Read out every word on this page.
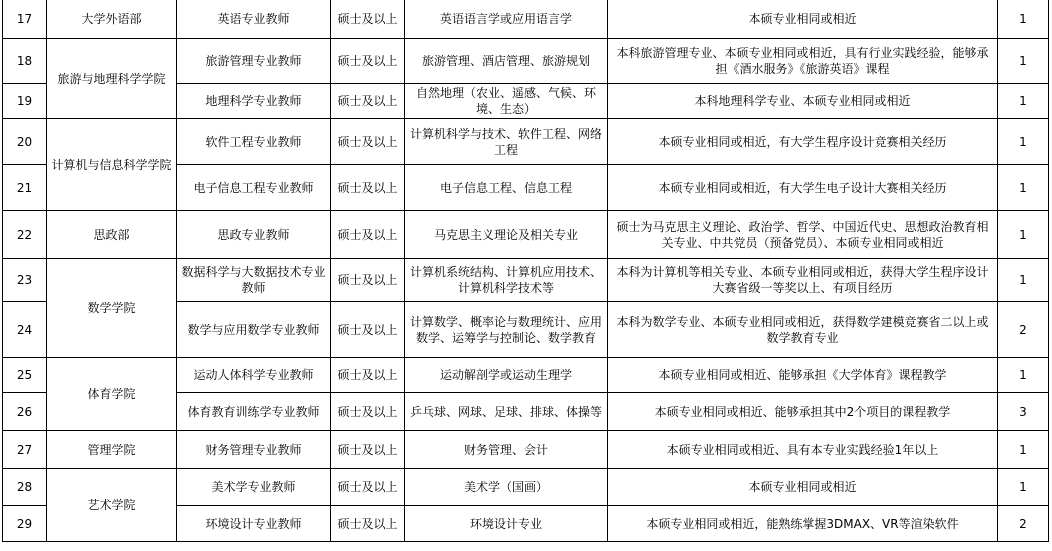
17	大学外语部	英语专业教师	硕士及以上	英语语言学或应用语言学	本硕专业相同或相近	1
18	旅游与地理科学学院	旅游管理专业教师	硕士及以上	旅游管理、酒店管理、旅游规划	本科旅游管理专业、本硕专业相同或相近，具有行业实践经验，能够承担《酒水服务》《旅游英语》课程	1
19		地理科学专业教师	硕士及以上	自然地理（农业、遥感、气候、环境、生态）	本科地理科学专业、本硕专业相同或相近	1
20	计算机与信息科学学院	软件工程专业教师	硕士及以上	计算机科学与技术、软件工程、网络工程	本硕专业相同或相近，有大学生程序设计竞赛相关经历	1
21		电子信息工程专业教师	硕士及以上	电子信息工程、信息工程	本硕专业相同或相近，有大学生电子设计大赛相关经历	1
22	思政部	思政专业教师	硕士及以上	马克思主义理论及相关专业	硕士为马克思主义理论、政治学、哲学、中国近代史、思想政治教育相关专业、中共党员（预备党员）、本硕专业相同或相近	1
23	数学学院	数据科学与大数据技术专业教师	硕士及以上	计算机系统结构、计算机应用技术、计算机科学技术等	本科为计算机等相关专业、本硕专业相同或相近，获得大学生程序设计大赛省级一等奖以上、有项目经历	1
24		数学与应用数学专业教师	硕士及以上	计算数学、概率论与数理统计、应用数学、运筹学与控制论、数学教育	本科为数学专业、本硕专业相同或相近，获得数学建模竞赛省二以上或数学教育专业	2
25	体育学院	运动人体科学专业教师	硕士及以上	运动解剖学或运动生理学	本硕专业相同或相近、能够承担《大学体育》课程教学	1
26		体育教育训练学专业教师	硕士及以上	乒乓球、网球、足球、排球、体操等	本硕专业相同或相近、能够承担其中2个项目的课程教学	3
27	管理学院	财务管理专业教师	硕士及以上	财务管理、会计	本硕专业相同或相近、具有本专业实践经验1年以上	1
28	艺术学院	美术学专业教师	硕士及以上	美术学（国画）	本硕专业相同或相近	1
29		环境设计专业教师	硕士及以上	环境设计专业	本硕专业相同或相近，能熟练掌握3DMAX、VR等渲染软件	2
